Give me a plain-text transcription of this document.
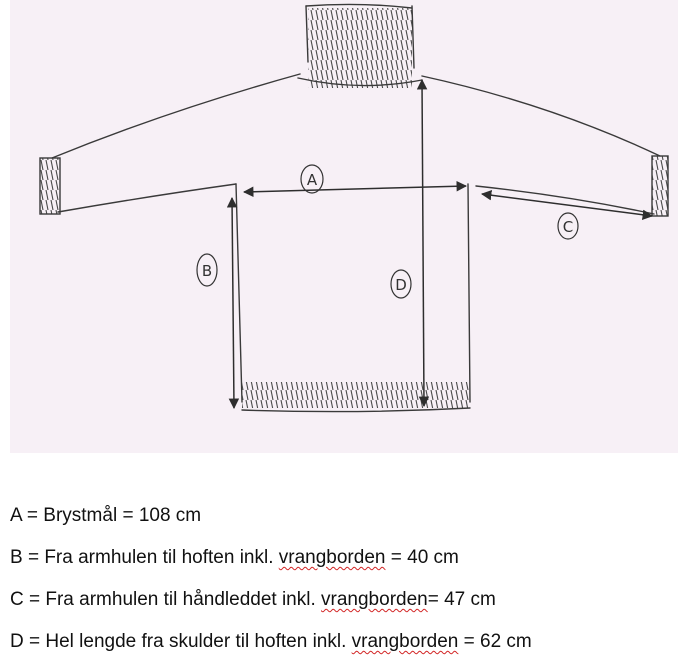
A
B
C
D
A = Brystmål = 108 cm
B = Fra armhulen til hoften inkl. vrangborden = 40 cm
C = Fra armhulen til håndleddet inkl. vrangborden= 47 cm
D = Hel lengde fra skulder til hoften inkl. vrangborden = 62 cm
